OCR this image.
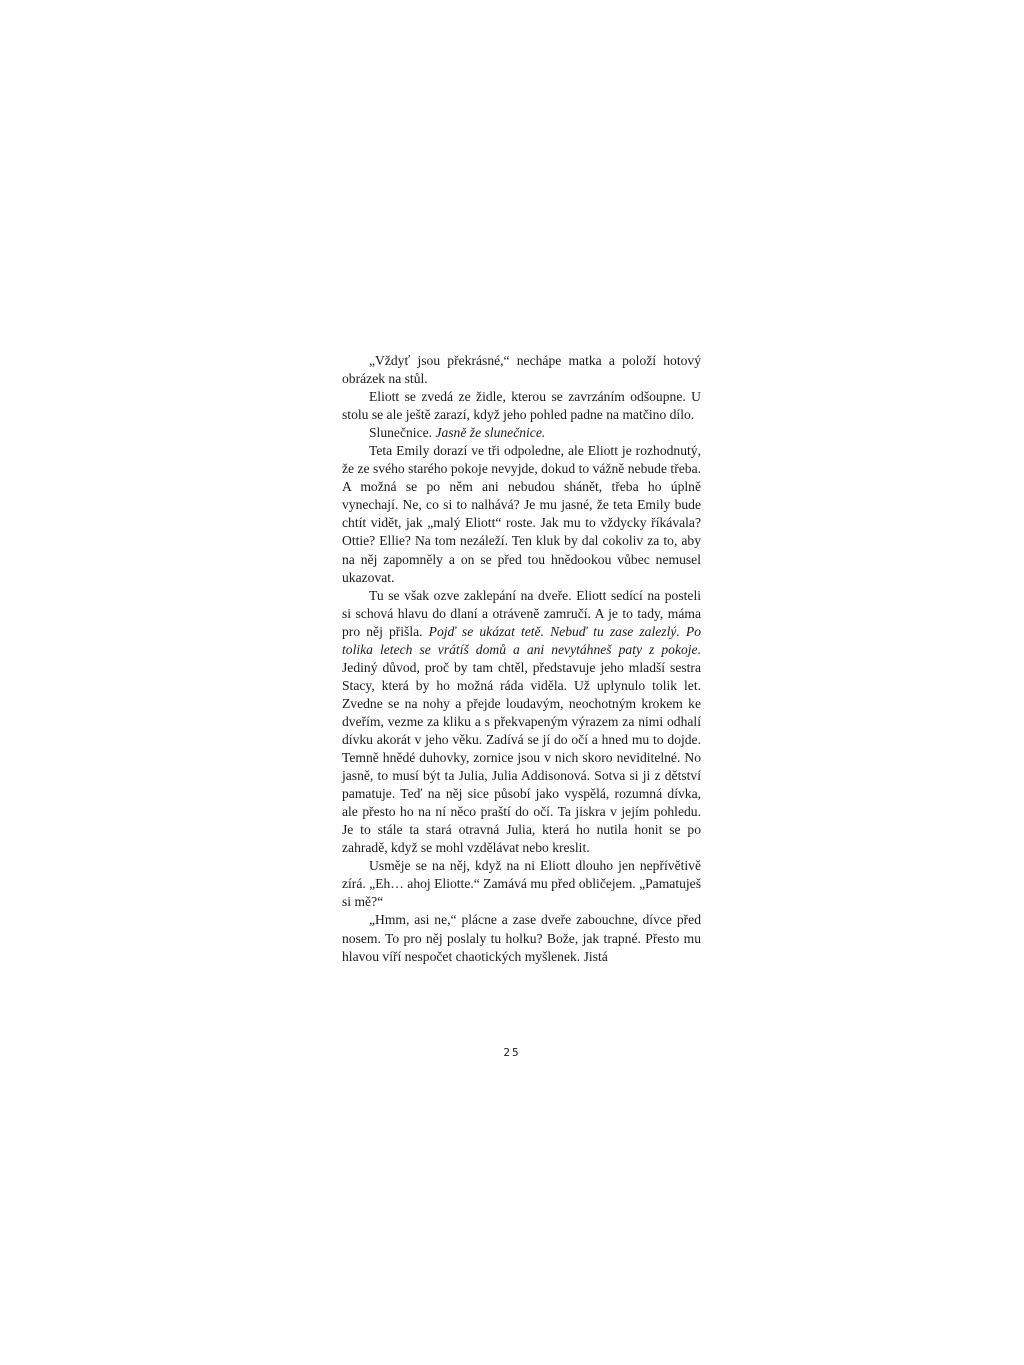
„Vždyť jsou překrásné,“ nechápe matka a položí hotový obrázek na stůl.

Eliott se zvedá ze židle, kterou se zavrzáním odšoupne. U stolu se ale ještě zarazí, když jeho pohled padne na matčino dílo.

Slunečnice. Jasně že slunečnice.

Teta Emily dorazí ve tři odpoledne, ale Eliott je rozhodnutý, že ze svého starého pokoje nevyjde, dokud to vážně nebude třeba. A možná se po něm ani nebudou shánět, třeba ho úplně vynechají. Ne, co si to nalhává? Je mu jasné, že teta Emily bude chtít vidět, jak „malý Eliott“ roste. Jak mu to vždycky říkávala? Ottie? Ellie? Na tom nezáleží. Ten kluk by dal cokoliv za to, aby na něj zapomněly a on se před tou hnědookou vůbec nemusel ukazovat.

Tu se však ozve zaklepání na dveře. Eliott sedící na posteli si schová hlavu do dlaní a otráveně zamručí. A je to tady, máma pro něj přišla. Pojď se ukázat tetě. Nebuď tu zase zalezlý. Po tolika letech se vrátíš domů a ani nevytáhneš paty z pokoje. Jediný důvod, proč by tam chtěl, představuje jeho mladší sestra Stacy, která by ho možná ráda viděla. Už uplynulo tolik let. Zvedne se na nohy a přejde loudavým, neochotným krokem ke dveřím, vezme za kliku a s překvapeným výrazem za nimi odhalí dívku akorát v jeho věku. Zadívá se jí do očí a hned mu to dojde. Temně hnědé duhovky, zornice jsou v nich skoro neviditelné. No jasně, to musí být ta Julia, Julia Addisonová. Sotva si ji z dětství pamatuje. Teď na něj sice působí jako vyspělá, rozumná dívka, ale přesto ho na ní něco praští do očí. Ta jiskra v jejím pohledu. Je to stále ta stará otravná Julia, která ho nutila honit se po zahradě, když se mohl vzdělávat nebo kreslit.

Usměje se na něj, když na ni Eliott dlouho jen nepřívětivě zírá. „Eh… ahoj Eliotte.“ Zamává mu před obličejem. „Pamatuješ si mě?“

„Hmm, asi ne,“ plácne a zase dveře zabouchne, dívce před nosem. To pro něj poslaly tu holku? Bože, jak trapné. Přesto mu hlavou víří nespočet chaotických myšlenek. Jistá

25
